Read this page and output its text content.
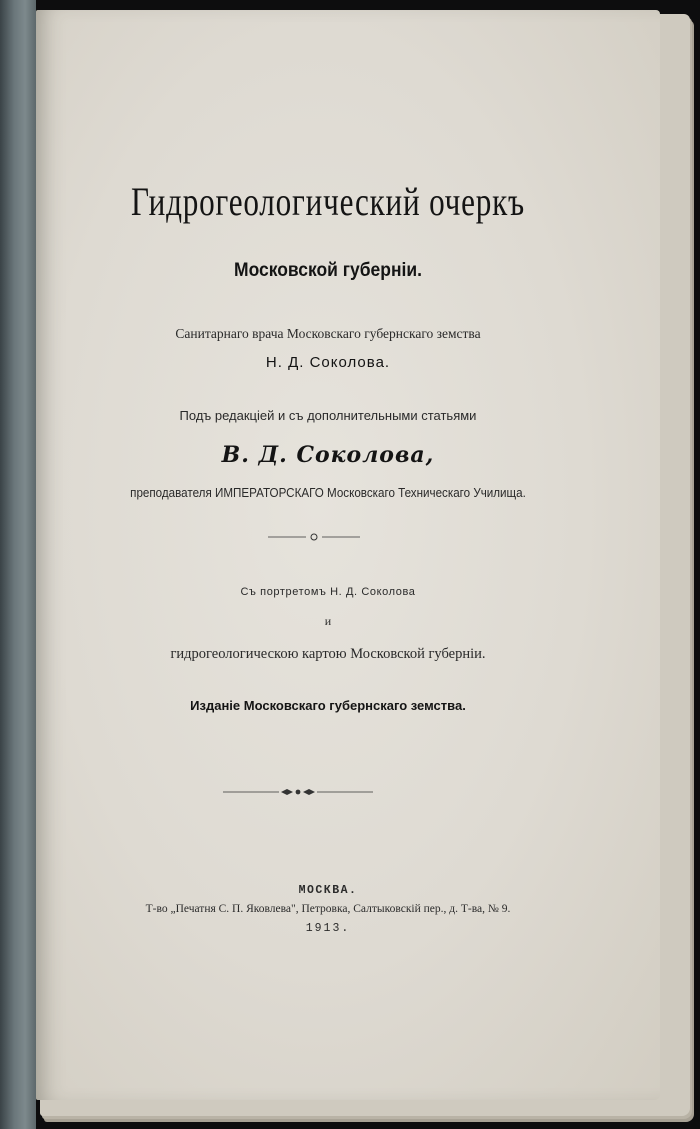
Гидрогеологический очеркъ
Московской губерніи.
Санитарнаго врача Московскаго губернскаго земства
Н. Д. Соколова.
Подъ редакціей и съ дополнительными статьями
В. Д. Соколова,
преподавателя ИМПЕРАТОРСКАГО Московскаго Техническаго Училища.
Съ портретомъ Н. Д. Соколова
и
гидрогеологическою картою Московской губерніи.
Изданіе Московскаго губернскаго земства.
МОСКВА.
Т-во „Печатня С. П. Яковлева", Петровка, Салтыковскій пер., д. Т-ва, № 9.
1913.
